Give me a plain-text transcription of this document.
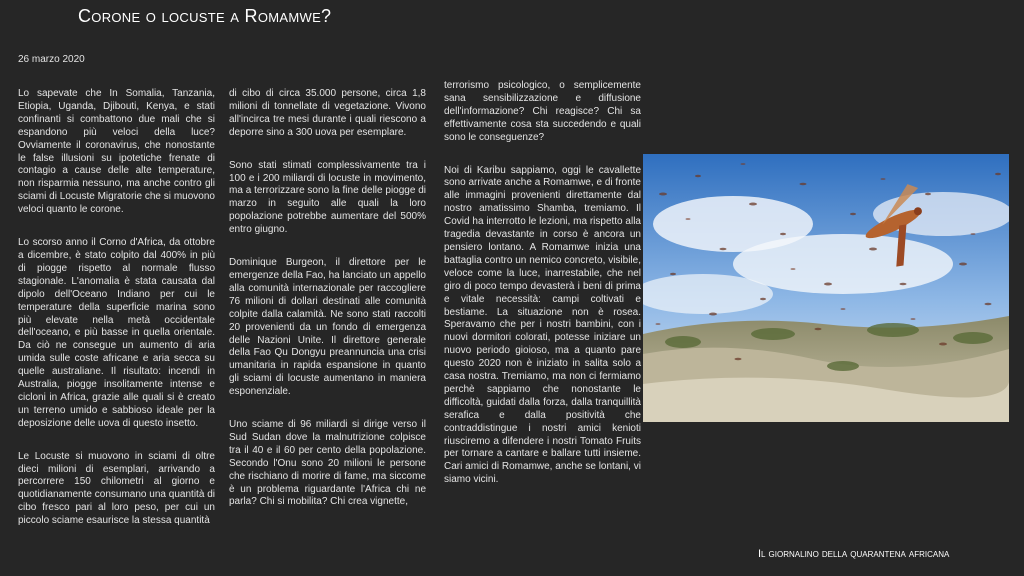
Corone o locuste a Romamwe?
26 marzo 2020

Lo sapevate che In Somalia, Tanzania, Etiopia, Uganda, Djibouti, Kenya, e stati confinanti si combattono due mali che si espandono più veloci della luce? Ovviamente il coronavirus, che nonostante le false illusioni su ipotetiche frenate di contagio a cause delle alte temperature, non risparmia nessuno, ma anche contro gli sciami di Locuste Migratorie che si muovono veloci quanto le corone.

Lo scorso anno il Corno d'Africa, da ottobre a dicembre, è stato colpito dal 400% in più di piogge rispetto al normale flusso stagionale. L'anomalia è stata causata dal dipolo dell'Oceano Indiano per cui le temperature della superficie marina sono più elevate nella metà occidentale dell'oceano, e più basse in quella orientale. Da ciò ne consegue un aumento di aria umida sulle coste africane e aria secca su quelle australiane. Il risultato: incendi in Australia, piogge insolitamente intense e cicloni in Africa, grazie alle quali si è creato un terreno umido e sabbioso ideale per la deposizione delle uova di questo insetto.

Le Locuste si muovono in sciami di oltre dieci milioni di esemplari, arrivando a percorrere 150 chilometri al giorno e quotidianamente consumano una quantità di cibo fresco pari al loro peso, per cui un piccolo sciame esaurisce la stessa quantità

di cibo di circa 35.000 persone, circa 1,8 milioni di tonnellate di vegetazione. Vivono all'incirca tre mesi durante i quali riescono a deporre sino a 300 uova per esemplare.

Sono stati stimati complessivamente tra i 100 e i 200 miliardi di locuste in movimento, ma a terrorizzare sono la fine delle piogge di marzo in seguito alle quali la loro popolazione potrebbe aumentare del 500% entro giugno.

Dominique Burgeon, il direttore per le emergenze della Fao, ha lanciato un appello alla comunità internazionale per raccogliere 76 milioni di dollari destinati alle comunità colpite dalla calamità. Ne sono stati raccolti 20 provenienti da un fondo di emergenza delle Nazioni Unite. Il direttore generale della Fao Qu Dongyu preannuncia una crisi umanitaria in rapida espansione in quanto gli sciami di locuste aumentano in maniera esponenziale.

Uno sciame di 96 miliardi si dirige verso il Sud Sudan dove la malnutrizione colpisce tra il 40 e il 60 per cento della popolazione. Secondo l'Onu sono 20 milioni le persone che rischiano di morire di fame, ma siccome è un problema riguardante l'Africa chi ne parla? Chi si mobilita? Chi crea vignette,

terrorismo psicologico, o semplicemente sana sensibilizzazione e diffusione dell'informazione? Chi reagisce? Chi sa effettivamente cosa sta succedendo e quali sono le conseguenze?

Noi di Karibu sappiamo, oggi le cavallette sono arrivate anche a Romamwe, e di fronte alle immagini provenienti direttamente dal nostro amatissimo Shamba, tremiamo. Il Covid ha interrotto le lezioni, ma rispetto alla tragedia devastante in corso è ancora un pensiero lontano. A Romamwe inizia una battaglia contro un nemico concreto, visibile, veloce come la luce, inarrestabile, che nel giro di poco tempo devasterà i beni di prima e vitale necessità: campi coltivati e bestiame. La situazione non è rosea. Speravamo che per i nostri bambini, con i nuovi dormitori colorati, potesse iniziare un nuovo periodo gioioso, ma a quanto pare questo 2020 non è iniziato in salita solo a casa nostra. Tremiamo, ma non ci fermiamo perchè sappiamo che nonostante le difficoltà, guidati dalla forza, dalla tranquillità serafica e dalla positività che contraddistingue i nostri amici kenioti riusciremo a difendere i nostri Tomato Fruits per tornare a cantare e ballare tutti insieme. Cari amici di Romamwe, anche se lontani, vi siamo vicini.

Il giornalino della quarantena africana
